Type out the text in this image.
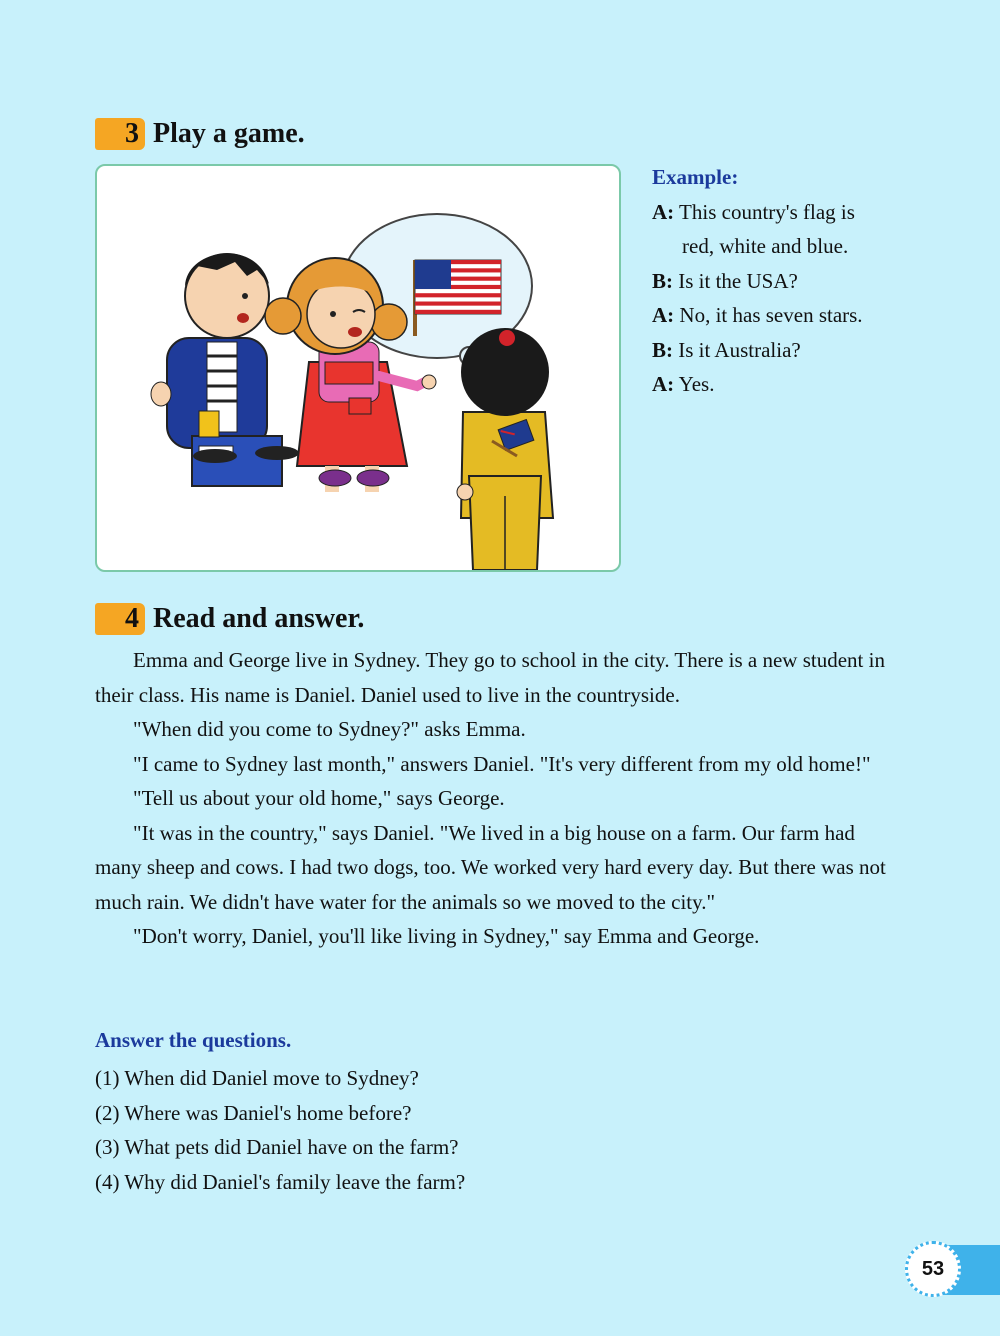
3 Play a game.
Example:
A: This country's flag is
red, white and blue.
B: Is it the USA?
A: No, it has seven stars.
B: Is it Australia?
A: Yes.
4 Read and answer.

Emma and George live in Sydney. They go to school in the city. There is a new student in their class. His name is Daniel. Daniel used to live in the countryside.

"When did you come to Sydney?" asks Emma.

"I came to Sydney last month," answers Daniel. "It's very different from my old home!"

"Tell us about your old home," says George.

"It was in the country," says Daniel. "We lived in a big house on a farm. Our farm had many sheep and cows. I had two dogs, too. We worked very hard every day. But there was not much rain. We didn't have water for the animals so we moved to the city."

"Don't worry, Daniel, you'll like living in Sydney," say Emma and George.

Answer the questions.
(1) When did Daniel move to Sydney?
(2) Where was Daniel's home before?
(3) What pets did Daniel have on the farm?
(4) Why did Daniel's family leave the farm?
53
